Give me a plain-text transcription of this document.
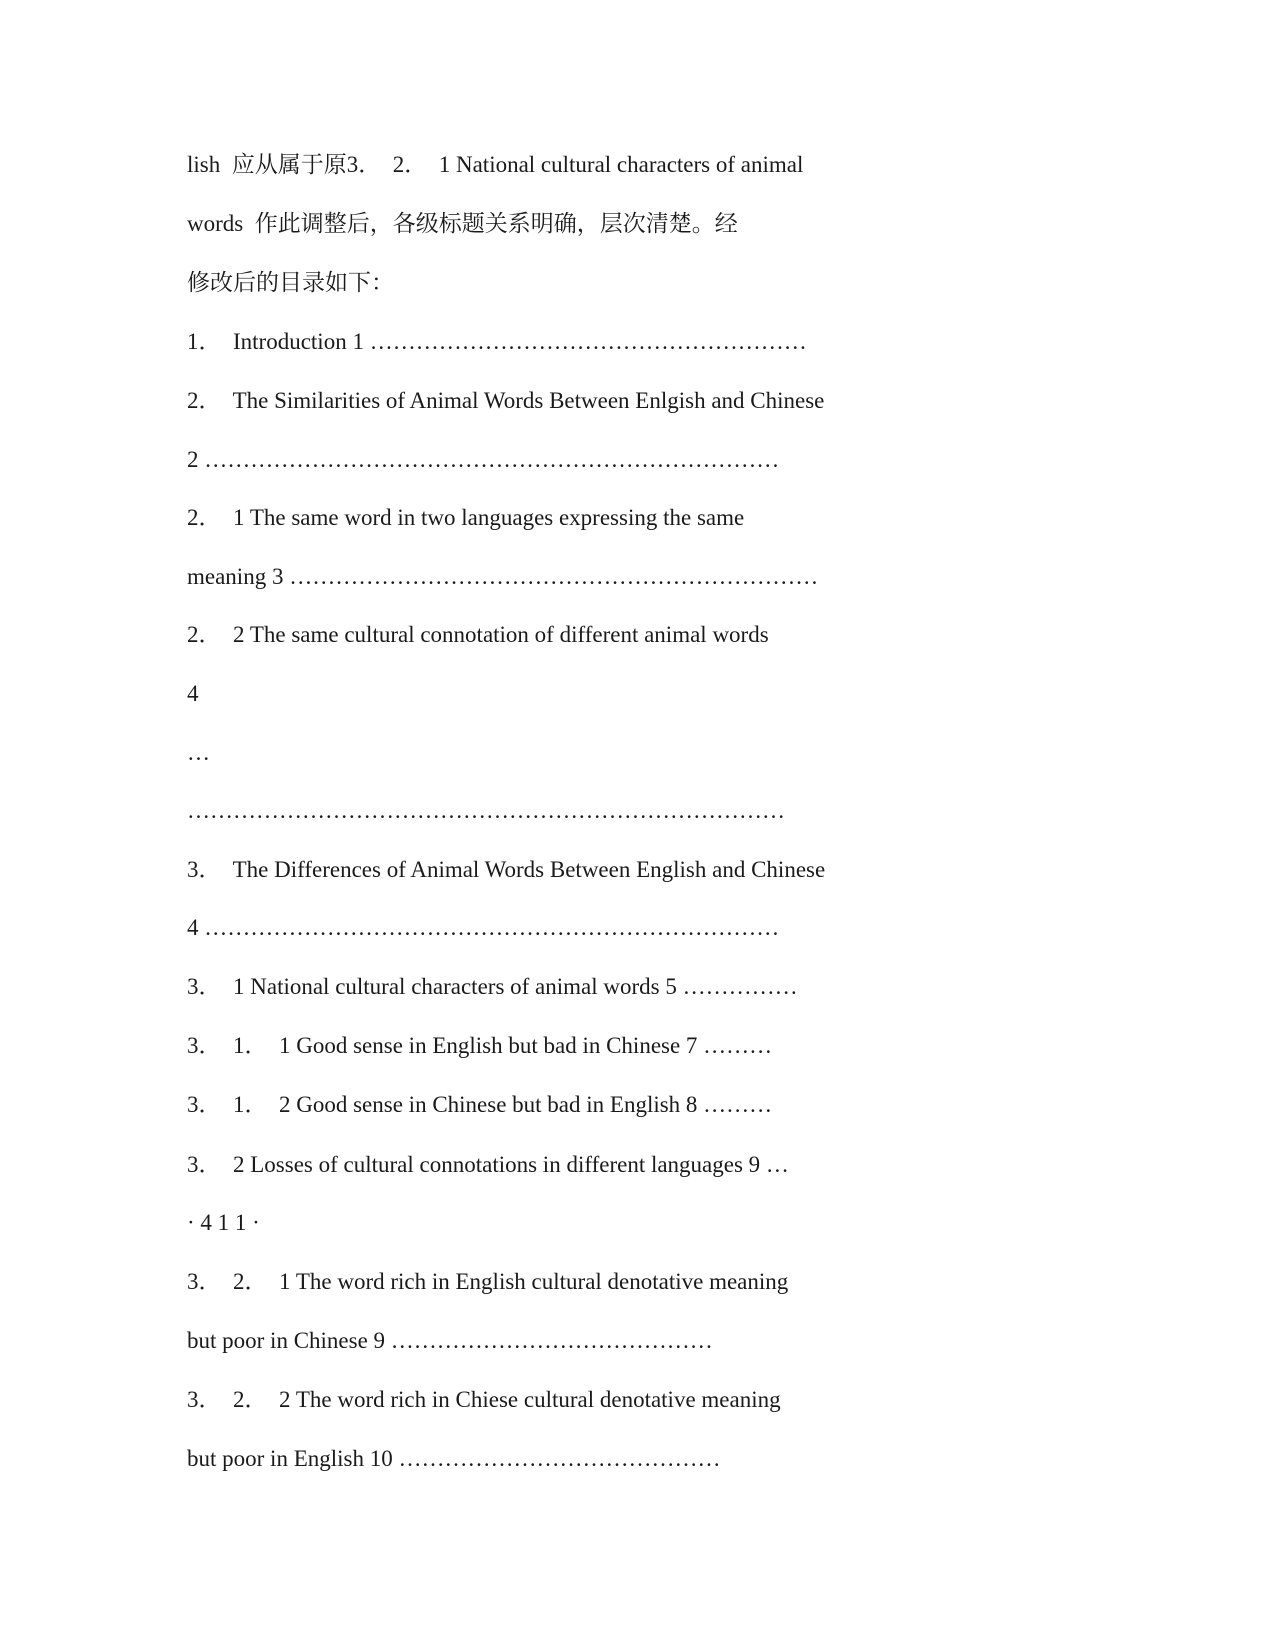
lish  应从属于原3．  2．  1 National cultural characters of animal
words  作此调整后，各级标题关系明确，层次清楚。经
修改后的目录如下：
1．  Introduction 1 …………………………………………………
2．  The Similarities of Animal Words Between Enlgish and Chinese
2 …………………………………………………………………
2．  1 The same word in two languages expressing the same
meaning 3 ……………………………………………………………
2．  2 The same cultural connotation of different animal words
4
…
……………………………………………………………………
3．  The Differences of Animal Words Between English and Chinese
4 …………………………………………………………………
3．  1 National cultural characters of animal words 5 ……………
3．  1．  1 Good sense in English but bad in Chinese 7 ………
3．  1．  2 Good sense in Chinese but bad in English 8 ………
3．  2 Losses of cultural connotations in different languages 9 …
· 4 1 1 ·
3．  2．  1 The word rich in English cultural denotative meaning
but poor in Chinese 9 ……………………………………
3．  2．  2 The word rich in Chiese cultural denotative meaning
but poor in English 10 ……………………………………
